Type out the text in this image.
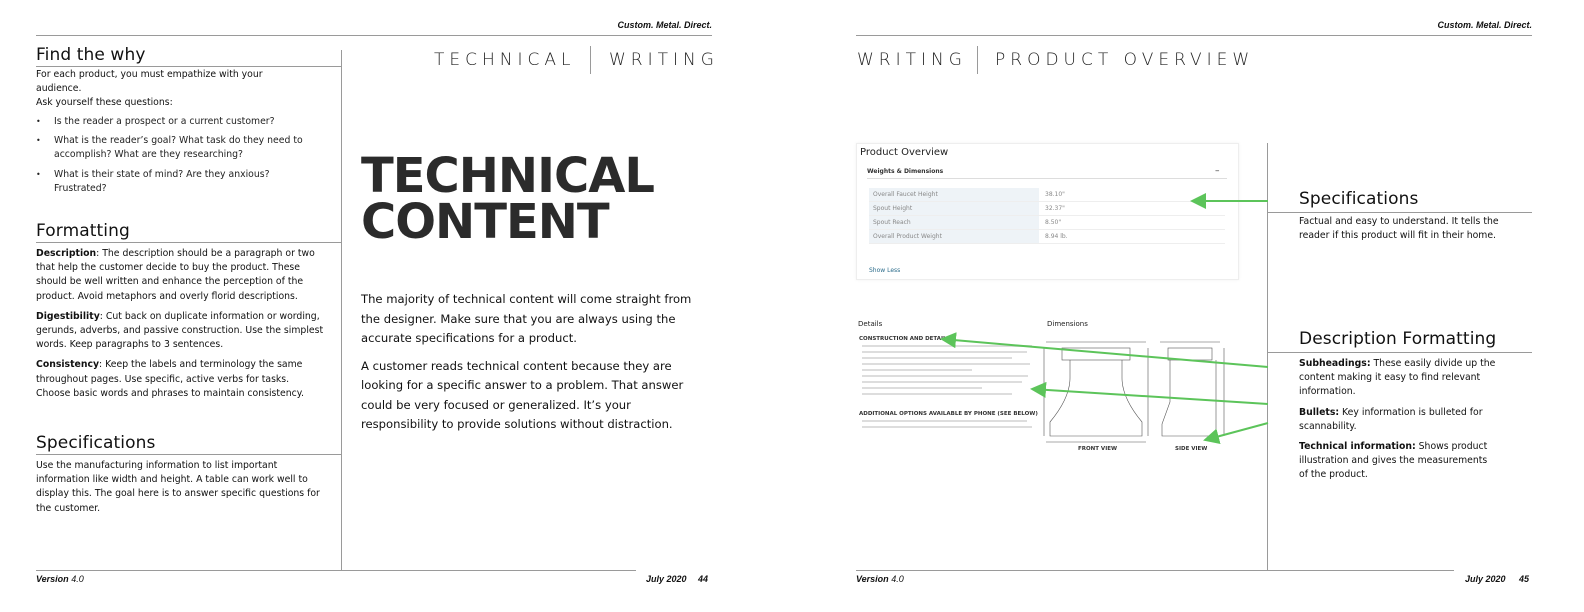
Custom. Metal. Direct.
TECHNICAL WRITING
Find the why
For each product, you must empathize with your audience.
Ask yourself these questions:
• Is the reader a prospect or a current customer?
• What is the reader’s goal? What task do they need to accomplish? What are they researching?
• What is their state of mind? Are they anxious? Frustrated?
Formatting
Description: The description should be a paragraph or two that help the customer decide to buy the product. These should be well written and enhance the perception of the product. Avoid metaphors and overly florid descriptions.
Digestibility: Cut back on duplicate information or wording, gerunds, adverbs, and passive construction. Use the simplest words. Keep paragraphs to 3 sentences.
Consistency: Keep the labels and terminology the same throughout pages. Use specific, active verbs for tasks. Choose basic words and phrases to maintain consistency.
Specifications
Use the manufacturing information to list important information like width and height. A table can work well to display this. The goal here is to answer specific questions for the customer.
TECHNICAL
CONTENT

The majority of technical content will come straight from the designer. Make sure that you are always using the accurate specifications for a product.

A customer reads technical content because they are looking for a specific answer to a problem. That answer could be very focused or generalized. It’s your responsibility to provide solutions without distraction.

Version 4.0	July 2020 44
Custom. Metal. Direct.
WRITING PRODUCT OVERVIEW
Product Overview
Weights & Dimensions	–
Overall Faucet Height	38.10"
Spout Height	32.37"
Spout Reach	8.50"
Overall Product Weight	8.94 lb.
Show Less
Details	Dimensions
CONSTRUCTION AND DETAILS
ADDITIONAL OPTIONS AVAILABLE BY PHONE (SEE BELOW)
FRONT VIEW	SIDE VIEW
Specifications
Factual and easy to understand. It tells the reader if this product will fit in their home.
Description Formatting
Subheadings: These easily divide up the content making it easy to find relevant information.
Bullets: Key information is bulleted for scannability.
Technical information: Shows product illustration and gives the measurements of the product.
Version 4.0	July 2020 45
